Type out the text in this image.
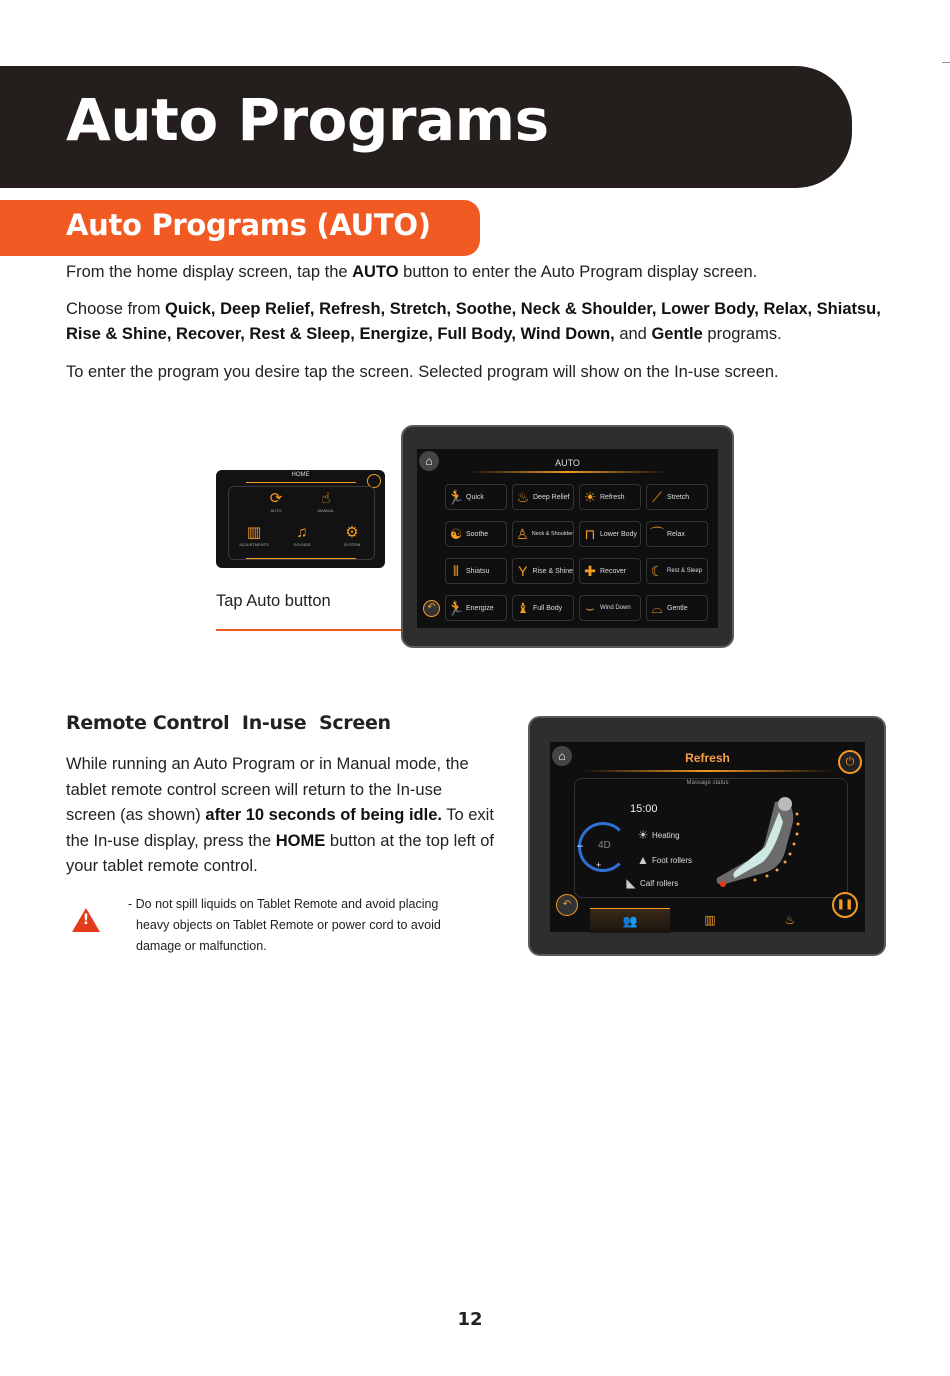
Auto Programs
Auto Programs (AUTO)
From the home display screen, tap the AUTO button to enter the Auto Program display screen.
Choose from Quick, Deep Relief, Refresh, Stretch, Soothe, Neck & Shoulder, Lower Body, Relax, Shiatsu, Rise & Shine, Recover, Rest & Sleep, Energize, Full Body, Wind Down, and Gentle programs.
To enter the program you desire tap the screen. Selected program will show on the In-use screen.
HOME
⟳
AUTO
☝
MANUAL
▥
ADJUSTMENTS
♫
SOUNDS
⚙
SYSTEM
Tap Auto button
⌂	AUTO
↶
🏃 Quick ♨ Deep Relief ☀ Refresh	⟋ Stretch
☯ Soothe ♙ Neck & Shoulder ⊓ Lower Body ⌒ Relax
⦀ Shiatsu	Y Rise & Shine ✚ Recover ☾ Rest & Sleep
🏃 Energize ♝ Full Body	⌣ Wind Down	⌓ Gentle
Remote Control  In-use  Screen
While running an Auto Program or in Manual mode, the tablet remote control screen will return to the In-use screen (as shown) after 10 seconds of being idle. To exit the In-use display, press the HOME button at the top left of your tablet remote control.
!
- Do not spill liquids on Tablet Remote and avoid placing
heavy objects on Tablet Remote or power cord to avoid
damage or malfunction.
⌂	Refresh	⏻
Massage status
15:00
4D
–
+
☀ Heating
▲ Foot rollers
◣ Calf rollers
↶
👥	▥	♨
❚❚
12
